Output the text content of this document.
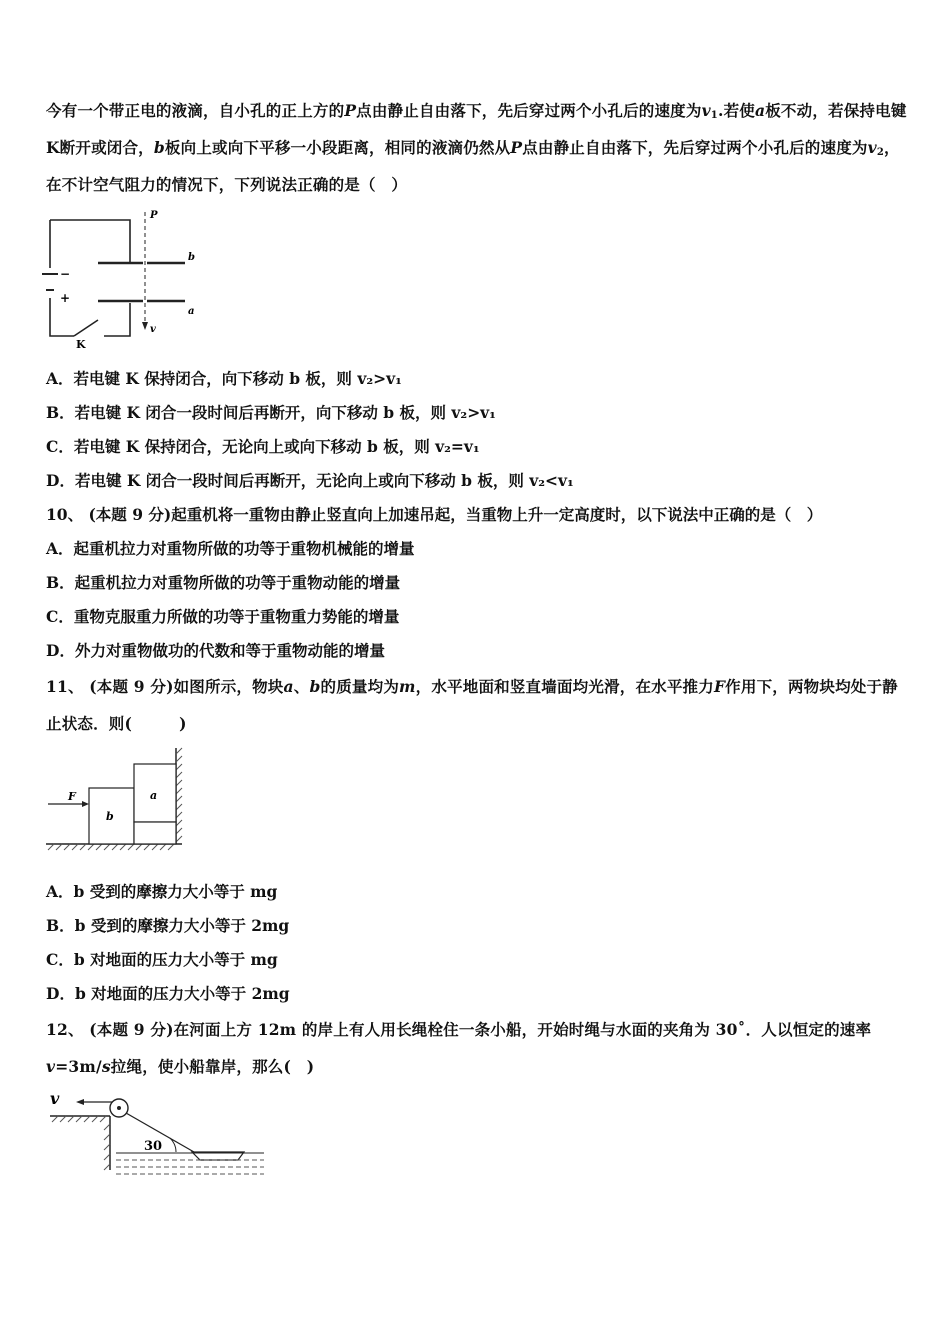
今有一个带正电的液滴，自小孔的正上方的P点由静止自由落下，先后穿过两个小孔后的速度为$v_1$.若使a板不动，若保持电键K断开或闭合，b板向上或向下平移一小段距离，相同的液滴仍然从P点由静止自由落下，先后穿过两个小孔后的速度为$v_2$，在不计空气阻力的情况下，下列说法正确的是（　）
−
+
P
b
a
v
K
A．若电键 K 保持闭合，向下移动 b 板，则 v₂>v₁
B．若电键 K 闭合一段时间后再断开，向下移动 b 板，则 v₂>v₁
C．若电键 K 保持闭合，无论向上或向下移动 b 板，则 v₂=v₁
D．若电键 K 闭合一段时间后再断开，无论向上或向下移动 b 板，则 v₂<v₁
10、 (本题 9 分)起重机将一重物由静止竖直向上加速吊起，当重物上升一定高度时，以下说法中正确的是（　）
A．起重机拉力对重物所做的功等于重物机械能的增量
B．起重机拉力对重物所做的功等于重物动能的增量
C．重物克服重力所做的功等于重物重力势能的增量
D．外力对重物做功的代数和等于重物动能的增量
11、 (本题 9 分)如图所示，物块a、b的质量均为m，水平地面和竖直墙面均光滑，在水平推力F作用下，两物块均处于静止状态．则(　　　)
F	a
b
A．b 受到的摩擦力大小等于 mg
B．b 受到的摩擦力大小等于 2mg
C．b 对地面的压力大小等于 mg
D．b 对地面的压力大小等于 2mg
12、 (本题 9 分)在河面上方 12m 的岸上有人用长绳栓住一条小船，开始时绳与水面的夹角为 30˚．人以恒定的速率v=3m/s拉绳，使小船靠岸，那么(　)
v
30
